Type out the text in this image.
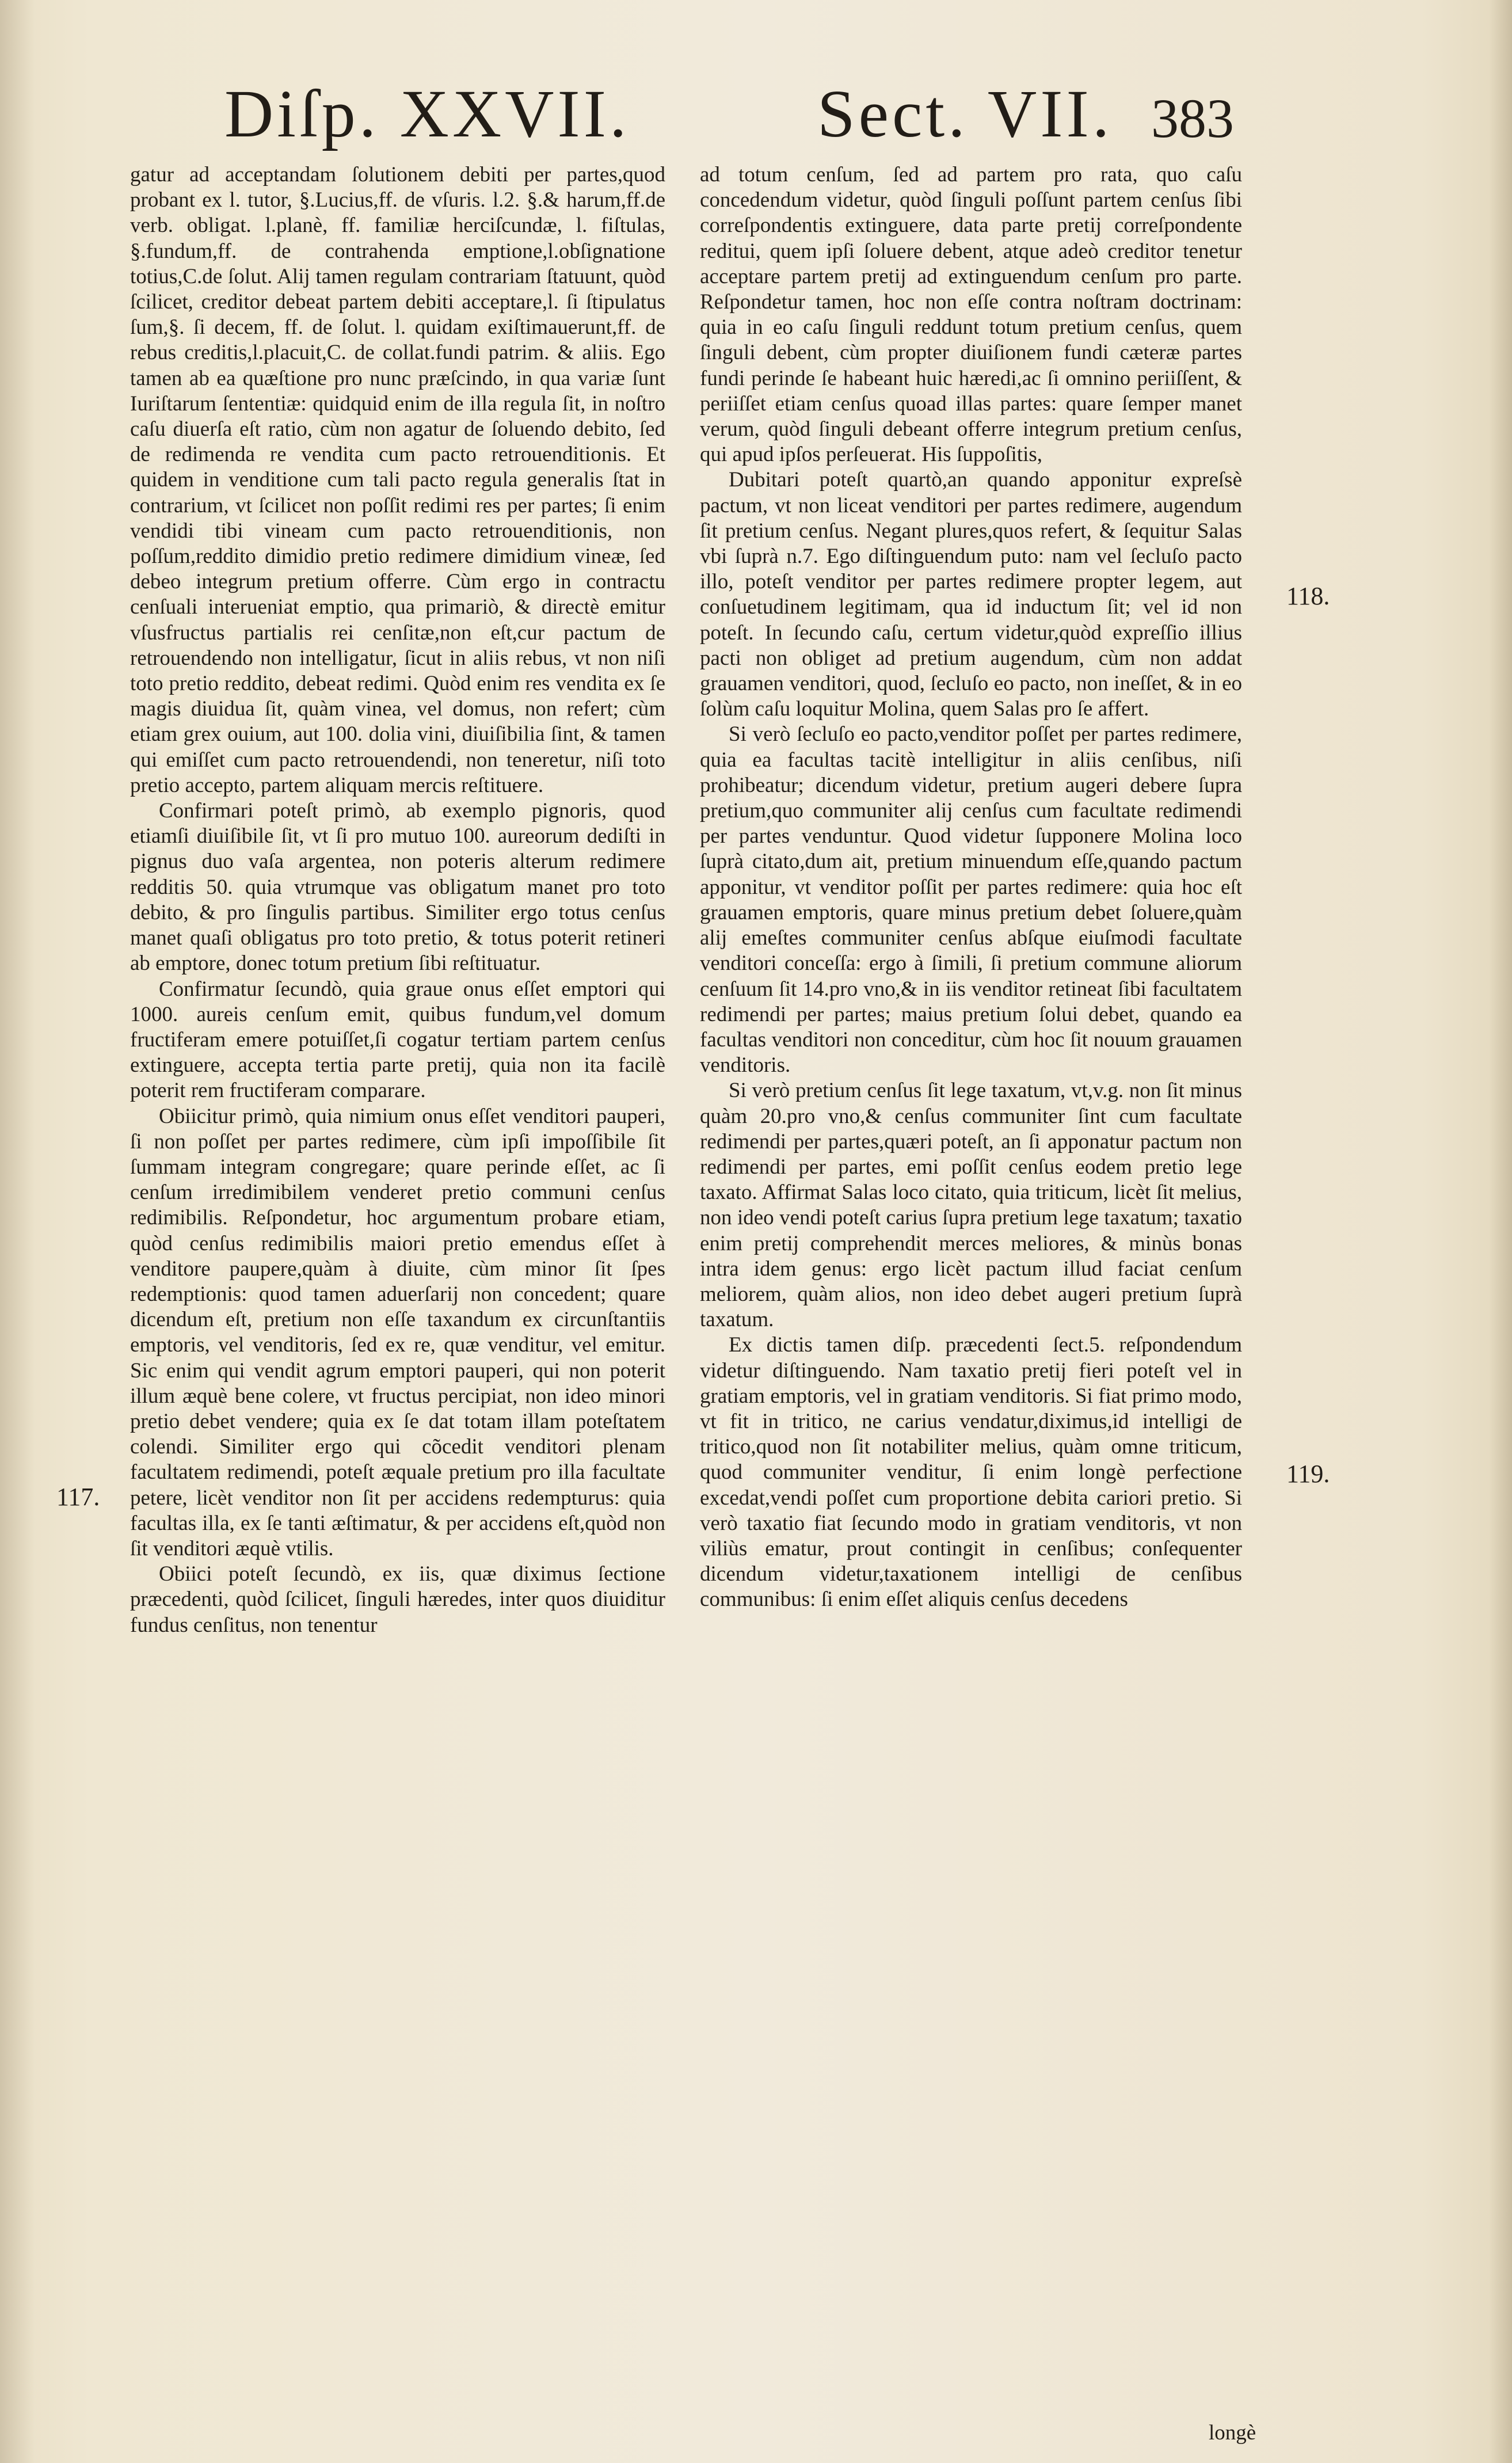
Diſp. XXVII.	Sect. VII. 383

gatur ad acceptandam ſolutionem debiti per partes,quod probant ex l. tutor, §.Lucius,ff. de vſuris. l.2. §.& harum,ff.de verb. obligat. l.planè, ff. familiæ herciſcundæ, l. fiſtulas, §.fundum,ff. de contrahenda emptione,l.obſignatione totius,C.de ſolut. Alij tamen regulam contrariam ſtatuunt, quòd ſcilicet, creditor debeat partem debiti acceptare,l. ſi ſtipulatus ſum,§. ſi decem, ff. de ſolut. l. quidam exiſtimauerunt,ff. de rebus creditis,l.placuit,C. de collat.fundi patrim. & aliis. Ego tamen ab ea quæſtione pro nunc præſcindo, in qua variæ ſunt Iuriſtarum ſententiæ: quidquid enim de illa regula ſit, in noſtro caſu diuerſa eſt ratio, cùm non agatur de ſoluendo debito, ſed de redimenda re vendita cum pacto retrouenditionis. Et quidem in venditione cum tali pacto regula generalis ſtat in contrarium, vt ſcilicet non poſſit redimi res per partes; ſi enim vendidi tibi vineam cum pacto retrouenditionis, non poſſum,reddito dimidio pretio redimere dimidium vineæ, ſed debeo integrum pretium offerre. Cùm ergo in contractu cenſuali interueniat emptio, qua primariò, & directè emitur vſusfructus partialis rei cenſitæ,non eſt,cur pactum de retrouendendo non intelligatur, ſicut in aliis rebus, vt non niſi toto pretio reddito, debeat redimi. Quòd enim res vendita ex ſe magis diuidua ſit, quàm vinea, vel domus, non refert; cùm etiam grex ouium, aut 100. dolia vini, diuiſibilia ſint, & tamen qui emiſſet cum pacto retrouendendi, non teneretur, niſi toto pretio accepto, partem aliquam mercis reſtituere.

Confirmari poteſt primò, ab exemplo pignoris, quod etiamſi diuiſibile ſit, vt ſi pro mutuo 100. aureorum dediſti in pignus duo vaſa argentea, non poteris alterum redimere redditis 50. quia vtrumque vas obligatum manet pro toto debito, & pro ſingulis partibus. Similiter ergo totus cenſus manet quaſi obligatus pro toto pretio, & totus poterit retineri ab emptore, donec totum pretium ſibi reſtituatur.

Confirmatur ſecundò, quia graue onus eſſet emptori qui 1000. aureis cenſum emit, quibus fundum,vel domum fructiferam emere potuiſſet,ſi cogatur tertiam partem cenſus extinguere, accepta tertia parte pretij, quia non ita facilè poterit rem fructiferam comparare.

Obiicitur primò, quia nimium onus eſſet venditori pauperi, ſi non poſſet per partes redimere, cùm ipſi impoſſibile ſit ſummam integram congregare; quare perinde eſſet, ac ſi cenſum irredimibilem venderet pretio communi cenſus redimibilis. Reſpondetur, hoc argumentum probare etiam, quòd cenſus redimibilis maiori pretio emendus eſſet à venditore paupere,quàm à diuite, cùm minor ſit ſpes redemptionis: quod tamen aduerſarij non concedent; quare dicendum eſt, pretium non eſſe taxandum ex circunſtantiis emptoris, vel venditoris, ſed ex re, quæ venditur, vel emitur. Sic enim qui vendit agrum emptori pauperi, qui non poterit illum æquè bene colere, vt fructus percipiat, non ideo minori pretio debet vendere; quia ex ſe dat totam illam poteſtatem colendi. Similiter ergo qui cõcedit venditori plenam facultatem redimendi, poteſt æquale pretium pro illa facultate petere, licèt venditor non ſit per accidens redempturus: quia facultas illa, ex ſe tanti æſtimatur, & per accidens eſt,quòd non ſit venditori æquè vtilis.

Obiici poteſt ſecundò, ex iis, quæ diximus ſectione præcedenti, quòd ſcilicet, ſinguli hæredes, inter quos diuiditur fundus cenſitus, non tenentur

ad totum cenſum, ſed ad partem pro rata, quo caſu concedendum videtur, quòd ſinguli poſſunt partem cenſus ſibi correſpondentis extinguere, data parte pretij correſpondente reditui, quem ipſi ſoluere debent, atque adeò creditor tenetur acceptare partem pretij ad extinguendum cenſum pro parte. Reſpondetur tamen, hoc non eſſe contra noſtram doctrinam: quia in eo caſu ſinguli reddunt totum pretium cenſus, quem ſinguli debent, cùm propter diuiſionem fundi cæteræ partes fundi perinde ſe habeant huic hæredi,ac ſi omnino periiſſent, & periiſſet etiam cenſus quoad illas partes: quare ſemper manet verum, quòd ſinguli debeant offerre integrum pretium cenſus, qui apud ipſos perſeuerat. His ſuppoſitis,

Dubitari poteſt quartò,an quando apponitur expreſsè pactum, vt non liceat venditori per partes redimere, augendum ſit pretium cenſus. Negant plures,quos refert, & ſequitur Salas vbi ſuprà n.7. Ego diſtinguendum puto: nam vel ſecluſo pacto illo, poteſt venditor per partes redimere propter legem, aut conſuetudinem legitimam, qua id inductum ſit; vel id non poteſt. In ſecundo caſu, certum videtur,quòd expreſſio illius pacti non obliget ad pretium augendum, cùm non addat grauamen venditori, quod, ſecluſo eo pacto, non ineſſet, & in eo ſolùm caſu loquitur Molina, quem Salas pro ſe affert.

Si verò ſecluſo eo pacto,venditor poſſet per partes redimere, quia ea facultas tacitè intelligitur in aliis cenſibus, niſi prohibeatur; dicendum videtur, pretium augeri debere ſupra pretium,quo communiter alij cenſus cum facultate redimendi per partes venduntur. Quod videtur ſupponere Molina loco ſuprà citato,dum ait, pretium minuendum eſſe,quando pactum apponitur, vt venditor poſſit per partes redimere: quia hoc eſt grauamen emptoris, quare minus pretium debet ſoluere,quàm alij emeſtes communiter cenſus abſque eiuſmodi facultate venditori conceſſa: ergo à ſimili, ſi pretium commune aliorum cenſuum ſit 14.pro vno,& in iis venditor retineat ſibi facultatem redimendi per partes; maius pretium ſolui debet, quando ea facultas venditori non conceditur, cùm hoc ſit nouum grauamen venditoris.

Si verò pretium cenſus ſit lege taxatum, vt,v.g. non ſit minus quàm 20.pro vno,& cenſus communiter ſint cum facultate redimendi per partes,quæri poteſt, an ſi apponatur pactum non redimendi per partes, emi poſſit cenſus eodem pretio lege taxato. Affirmat Salas loco citato, quia triticum, licèt ſit melius, non ideo vendi poteſt carius ſupra pretium lege taxatum; taxatio enim pretij comprehendit merces meliores, & minùs bonas intra idem genus: ergo licèt pactum illud faciat cenſum meliorem, quàm alios, non ideo debet augeri pretium ſuprà taxatum.

Ex dictis tamen diſp. præcedenti ſect.5. reſpondendum videtur diſtinguendo. Nam taxatio pretij fieri poteſt vel in gratiam emptoris, vel in gratiam venditoris. Si fiat primo modo, vt fit in tritico, ne carius vendatur,diximus,id intelligi de tritico,quod non ſit notabiliter melius, quàm omne triticum, quod communiter venditur, ſi enim longè perfectione excedat,vendi poſſet cum proportione debita cariori pretio. Si verò taxatio fiat ſecundo modo in gratiam venditoris, vt non viliùs ematur, prout contingit in cenſibus; conſequenter dicendum videtur,taxationem intelligi de cenſibus communibus: ſi enim eſſet aliquis cenſus decedens

117.
118.
119.
longè
